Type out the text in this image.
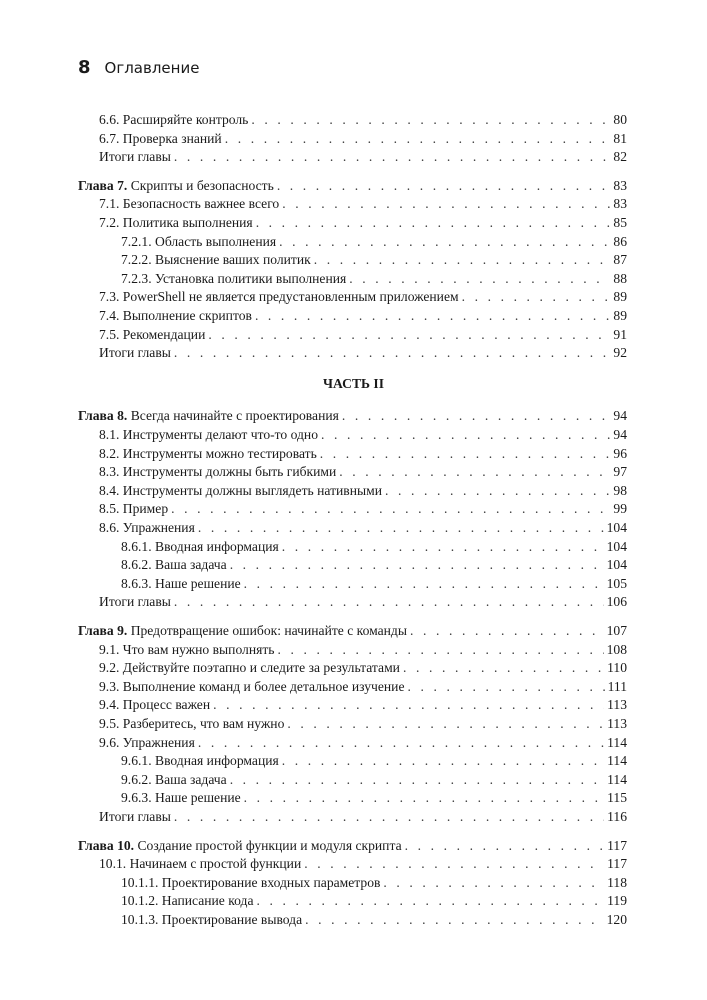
8 Оглавление
6.6. Расширяйте контроль . . .	80
6.7. Проверка знаний . . .	81
Итоги главы . . .	82
Глава 7. Скрипты и безопасность . . .	83
7.1. Безопасность важнее всего . . .	83
7.2. Политика выполнения . . .	85
7.2.1. Область выполнения . . .	86
7.2.2. Выяснение ваших политик . . .	87
7.2.3. Установка политики выполнения . . .	88
7.3. PowerShell не является предустановленным приложением . . .	89
7.4. Выполнение скриптов . . .	89
7.5. Рекомендации . . .	91
Итоги главы . . .	92
ЧАСТЬ II
Глава 8. Всегда начинайте с проектирования . . .	94
8.1. Инструменты делают что-то одно . . .	94
8.2. Инструменты можно тестировать . . .	96
8.3. Инструменты должны быть гибкими . . .	97
8.4. Инструменты должны выглядеть нативными . . .	98
8.5. Пример . . .	99
8.6. Упражнения . . .	104
8.6.1. Вводная информация . . .	104
8.6.2. Ваша задача . . .	104
8.6.3. Наше решение . . .	105
Итоги главы . . .	106
Глава 9. Предотвращение ошибок: начинайте с команды . . .	107
9.1. Что вам нужно выполнять . . .	108
9.2. Действуйте поэтапно и следите за результатами . . .	110
9.3. Выполнение команд и более детальное изучение . . .	111
9.4. Процесс важен . . .	113
9.5. Разберитесь, что вам нужно . . .	113
9.6. Упражнения . . .	114
9.6.1. Вводная информация . . .	114
9.6.2. Ваша задача . . .	114
9.6.3. Наше решение . . .	115
Итоги главы . . .	116
Глава 10. Создание простой функции и модуля скрипта . . .	117
10.1. Начинаем с простой функции . . .	117
10.1.1. Проектирование входных параметров . . .	118
10.1.2. Написание кода . . .	119
10.1.3. Проектирование вывода . . .	120
